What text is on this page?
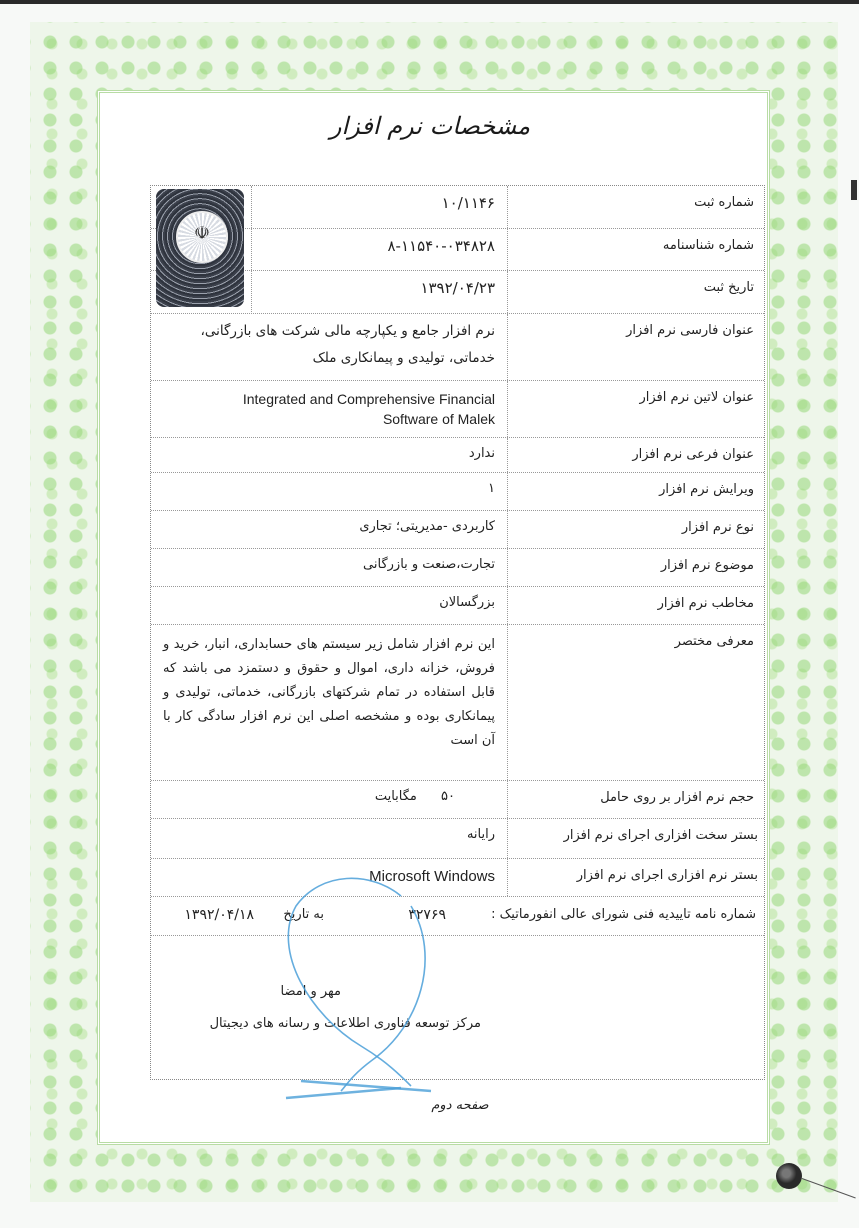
مشخصات نرم افزار
شماره ثبت
۱۰/۱۱۴۶
شماره شناسنامه
۸-۱۱۵۴۰-۰۳۴۸۲۸
تاریخ ثبت
۱۳۹۲/۰۴/۲۳
☫
عنوان فارسی نرم افزار
نرم افزار جامع و یکپارچه مالی شرکت های بازرگانی، خدماتی، تولیدی و پیمانکاری ملک
عنوان لاتین نرم افزار
Integrated and Comprehensive Financial Software of Malek
عنوان فرعی نرم افزار
ندارد
ویرایش نرم افزار
۱
نوع نرم افزار
کاربردی -مدیریتی؛ تجاری
موضوع نرم افزار
تجارت،صنعت و بازرگانی
مخاطب نرم افزار
بزرگسالان
معرفی مختصر
این نرم افزار شامل زیر سیستم های حسابداری، انبار، خرید و فروش، خزانه داری، اموال و حقوق و دستمزد می باشد که قابل استفاده در تمام شرکتهای بازرگانی، خدماتی، تولیدی و پیمانکاری بوده و مشخصه اصلی این نرم افزار سادگی کار با آن است
حجم نرم افزار بر روی حامل
۵۰ مگابایت
بستر سخت افزاری اجرای نرم افزار
رایانه
بستر نرم افزاری اجرای نرم افزار
Microsoft Windows
شماره نامه تاییدیه فنی شورای عالی انفورماتیک :
۳۲۷۶۹
به تاریخ
۱۳۹۲/۰۴/۱۸
مهر و امضا
مرکز توسعه فناوری اطلاعات و رسانه های دیجیتال
صفحه دوم
